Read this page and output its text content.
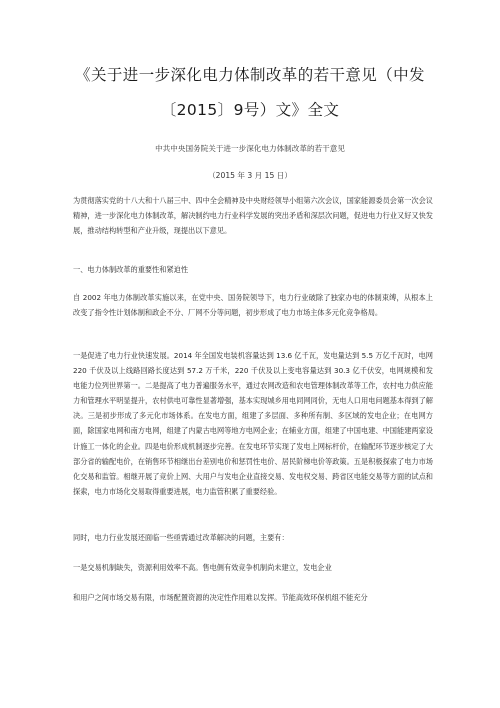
《关于进一步深化电力体制改革的若干意见（中发
〔2015〕9号）文》全文
中共中央国务院关于进一步深化电力体制改革的若干意见
（2015 年 3 月 15 日）

为贯彻落实党的十八大和十八届三中、四中全会精神及中央财经领导小组第六次会议，国家能源委员会第一次会议精神，进一步深化电力体制改革，解决制约电力行业科学发展的突出矛盾和深层次问题，促进电力行业又好又快发展，推动结构转型和产业升级，现提出以下意见。

一、电力体制改革的重要性和紧迫性

自 2002 年电力体制改革实施以来，在党中央、国务院领导下，电力行业破除了独家办电的体制束缚，从根本上改变了指令性计划体制和政企不分、厂网不分等问题，初步形成了电力市场主体多元化竞争格局。

一是促进了电力行业快速发展。2014 年全国发电装机容量达到 13.6 亿千瓦，发电量达到 5.5 万亿千瓦时，电网 220 千伏及以上线路回路长度达到 57.2 万千米，220 千伏及以上变电容量达到 30.3 亿千伏安，电网规模和发电能力位列世界第一。二是提高了电力普遍服务水平，通过农网改造和农电管理体制改革等工作，农村电力供应能力和管理水平明显提升，农村供电可靠性显著增强，基本实现城乡用电同网同价，无电人口用电问题基本得到了解决。三是初步形成了多元化市场体系。在发电方面，组建了多层面、多种所有制、多区域的发电企业；在电网方面，除国家电网和南方电网，组建了内蒙古电网等地方电网企业；在辅业方面，组建了中国电建、中国能建两家设计施工一体化的企业。四是电价形成机制逐步完善。在发电环节实现了发电上网标杆价，在输配环节逐步核定了大部分省的输配电价，在销售环节相继出台差别电价和惩罚性电价、居民阶梯电价等政策。五是积极探索了电力市场化交易和监管。相继开展了竞价上网、大用户与发电企业直接交易、发电权交易、跨省区电能交易等方面的试点和探索，电力市场化交易取得重要进展，电力监管积累了重要经验。

同时，电力行业发展还面临一些亟需通过改革解决的问题，主要有：

一是交易机制缺失，资源利用效率不高。售电侧有效竞争机制尚未建立，发电企业

和用户之间市场交易有限，市场配置资源的决定性作用难以发挥。节能高效环保机组不能充分
